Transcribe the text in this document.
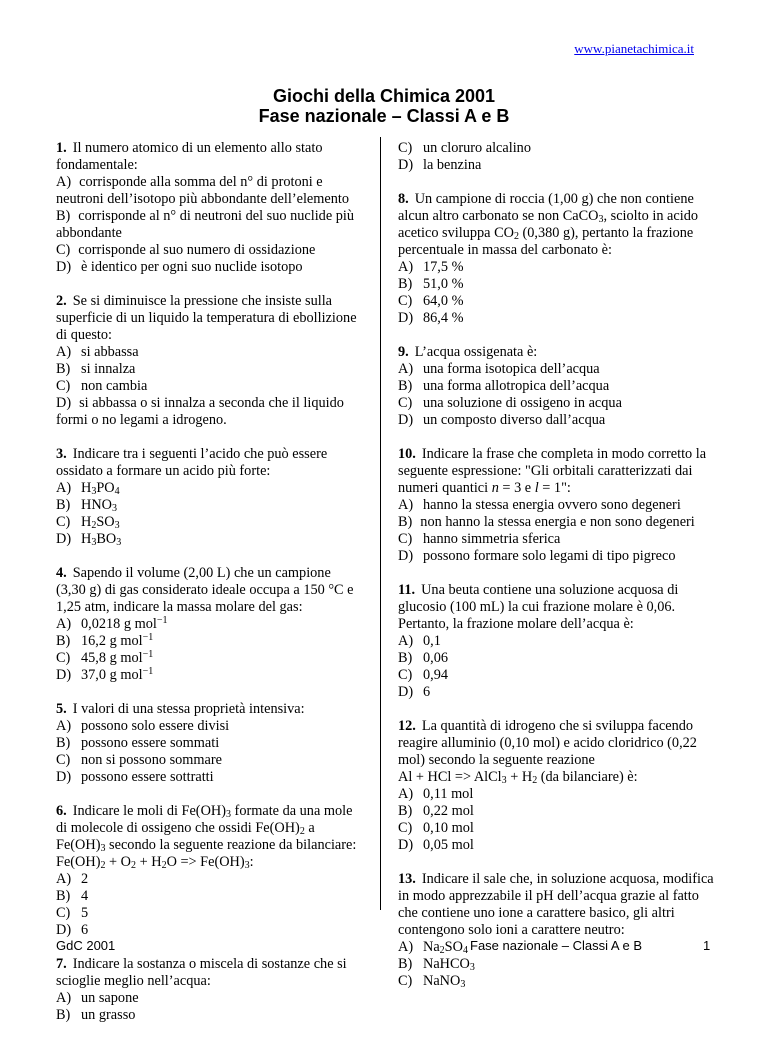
www.pianetachimica.it
Giochi della Chimica 2001
Fase nazionale – Classi A e B
1. Il numero atomico di un elemento allo stato fondamentale:
A) corrisponde alla somma del n° di protoni e neutroni dell’isotopo più abbondante dell’elemento
B) corrisponde al n° di neutroni del suo nuclide più abbondante
C) corrisponde al suo numero di ossidazione
D) è identico per ogni suo nuclide isotopo
2. Se si diminuisce la pressione che insiste sulla superficie di un liquido la temperatura di ebollizione di questo:
A) si abbassa
B) si innalza
C) non cambia
D) si abbassa o si innalza a seconda che il liquido formi o no legami a idrogeno.
3. Indicare tra i seguenti l’acido che può essere ossidato a formare un acido più forte:
A) $H_3PO_4$
B) $HNO_3$
C) $H_2SO_3$
D) $H_3BO_3$
4. Sapendo il volume (2,00 L) che un campione (3,30 g) di gas considerato ideale occupa a 150 °C e 1,25 atm, indicare la massa molare del gas:
A) 0,0218 g mol$^{-1}$
B) 16,2 g mol$^{-1}$
C) 45,8 g mol$^{-1}$
D) 37,0 g mol$^{-1}$
5. I valori di una stessa proprietà intensiva:
A) possono solo essere divisi
B) possono essere sommati
C) non si possono sommare
D) possono essere sottratti
6. Indicare le moli di $Fe(OH)_3$ formate da una mole di molecole di ossigeno che ossidi $Fe(OH)_2$ a $Fe(OH)_3$ secondo la seguente reazione da bilanciare: $Fe(OH)_2 + O_2 + H_2O => Fe(OH)_3$:
A) 2
B) 4
C) 5
D) 6
7. Indicare la sostanza o miscela di sostanze che si scioglie meglio nell’acqua:
A) un sapone
B) un grasso
C) un cloruro alcalino
D) la benzina
8. Un campione di roccia (1,00 g) che non contiene alcun altro carbonato se non CaCO$_3$, sciolto in acido acetico sviluppa $CO_2$ (0,380 g), pertanto la frazione percentuale in massa del carbonato è:
A) 17,5 %
B) 51,0 %
C) 64,0 %
D) 86,4 %
9. L’acqua ossigenata è:
A) una forma isotopica dell’acqua
B) una forma allotropica dell’acqua
C) una soluzione di ossigeno in acqua
D) un composto diverso dall’acqua
10. Indicare la frase che completa in modo corretto la seguente espressione: "Gli orbitali caratterizzati dai numeri quantici n = 3 e l = 1":
A) hanno la stessa energia ovvero sono degeneri
B) non hanno la stessa energia e non sono degeneri
C) hanno simmetria sferica
D) possono formare solo legami di tipo pigreco
11. Una beuta contiene una soluzione acquosa di glucosio (100 mL) la cui frazione molare è 0,06. Pertanto, la frazione molare dell’acqua è:
A) 0,1
B) 0,06
C) 0,94
D) 6
12. La quantità di idrogeno che si sviluppa facendo reagire alluminio (0,10 mol) e acido cloridrico (0,22 mol) secondo la seguente reazione
Al + HCl => AlCl$_3$ + $H_2$ (da bilanciare) è:
A) 0,11 mol
B) 0,22 mol
C) 0,10 mol
D) 0,05 mol
13. Indicare il sale che, in soluzione acquosa, modifica in modo apprezzabile il pH dell’acqua grazie al fatto che contiene uno ione a carattere basico, gli altri contengono solo ioni a carattere neutro:
A) $Na_2SO_4$
B) NaHCO$_3$
C) NaNO$_3$
GdC 2001	Fase nazionale – Classi A e B	1
